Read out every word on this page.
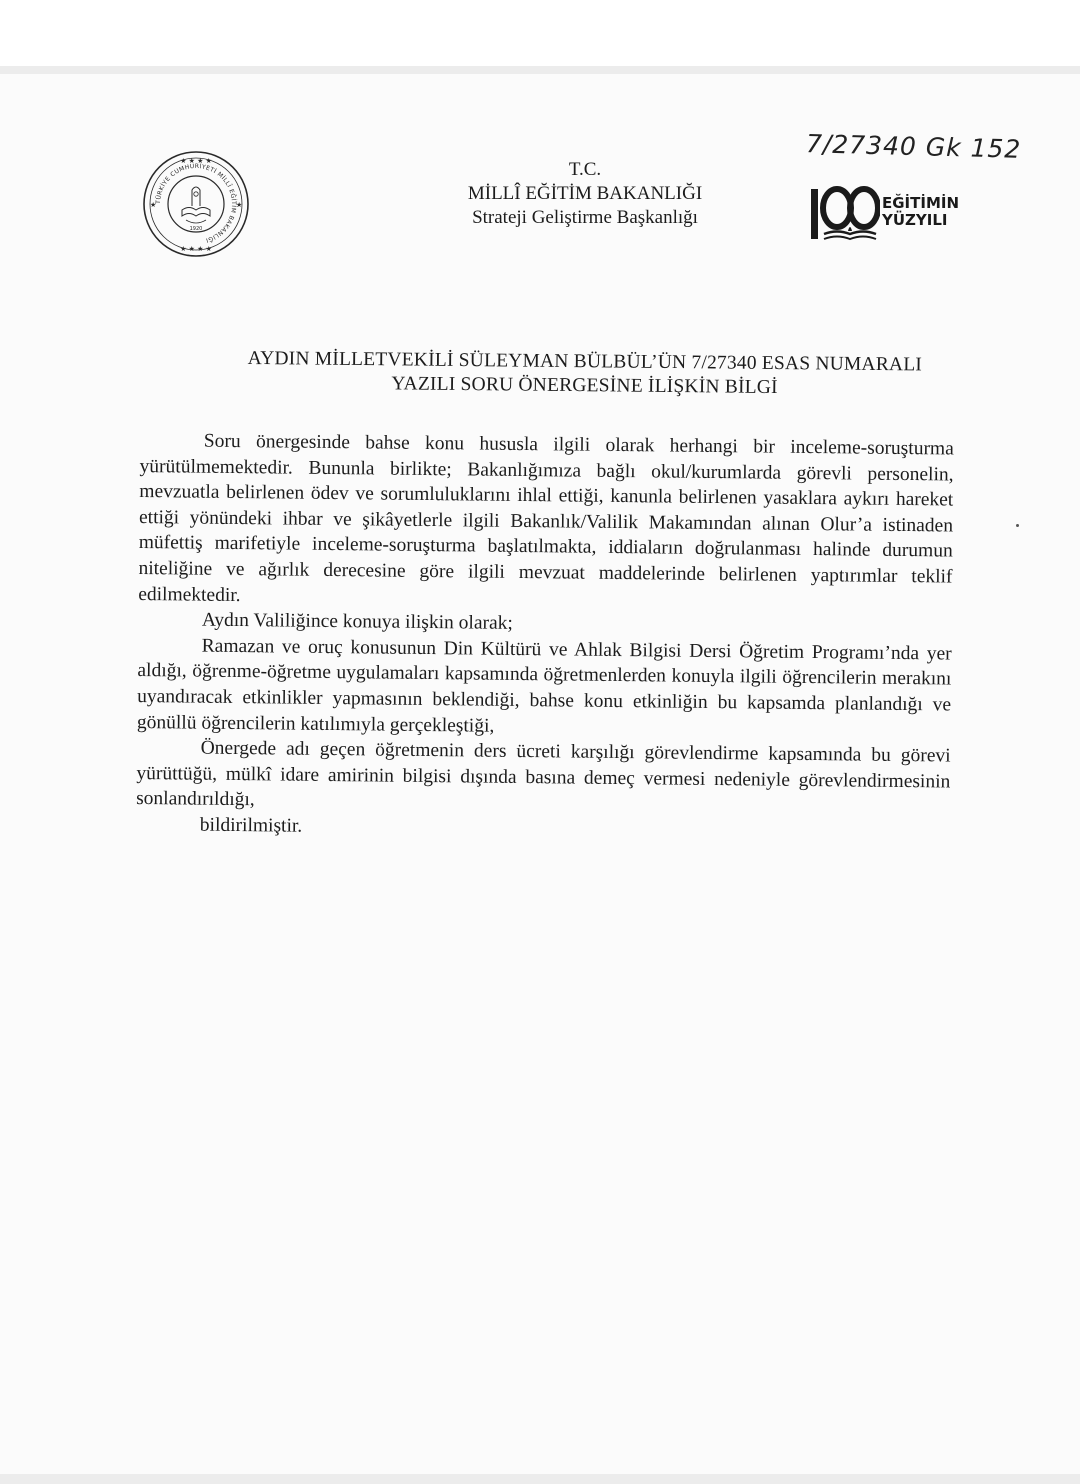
TÜRKİYE CUMHURİYETİ MİLLÎ EĞİTİM BAKANLIĞI
★ ★ ★ ★
★ ★ ★ ★
★	★
1920
T.C.
MİLLÎ EĞİTİM BAKANLIĞI
Strateji Geliştirme Başkanlığı
7/27340 Gk 152
EĞİTİMİN
YÜZYILI
AYDIN MİLLETVEKİLİ SÜLEYMAN BÜLBÜL’ÜN 7/27340 ESAS NUMARALI
YAZILI SORU ÖNERGESİNE İLİŞKİN BİLGİ

Soru önergesinde bahse konu hususla ilgili olarak herhangi bir inceleme-soruşturma yürütülmemektedir. Bununla birlikte; Bakanlığımıza bağlı okul/kurumlarda görevli personelin, mevzuatla belirlenen ödev ve sorumluluklarını ihlal ettiği, kanunla belirlenen yasaklara aykırı hareket ettiği yönündeki ihbar ve şikâyetlerle ilgili Bakanlık/Valilik Makamından alınan Olur’a istinaden müfettiş marifetiyle inceleme-soruşturma başlatılmakta, iddiaların doğrulanması halinde durumun niteliğine ve ağırlık derecesine göre ilgili mevzuat maddelerinde belirlenen yaptırımlar teklif edilmektedir.

Aydın Valiliğince konuya ilişkin olarak;

Ramazan ve oruç konusunun Din Kültürü ve Ahlak Bilgisi Dersi Öğretim Programı’nda yer aldığı, öğrenme-öğretme uygulamaları kapsamında öğretmenlerden konuyla ilgili öğrencilerin merakını uyandıracak etkinlikler yapmasının beklendiği, bahse konu etkinliğin bu kapsamda planlandığı ve gönüllü öğrencilerin katılımıyla gerçekleştiği,

Önergede adı geçen öğretmenin ders ücreti karşılığı görevlendirme kapsamında bu görevi yürüttüğü, mülkî idare amirinin bilgisi dışında basına demeç vermesi nedeniyle görevlendirmesinin sonlandırıldığı,

bildirilmiştir.
